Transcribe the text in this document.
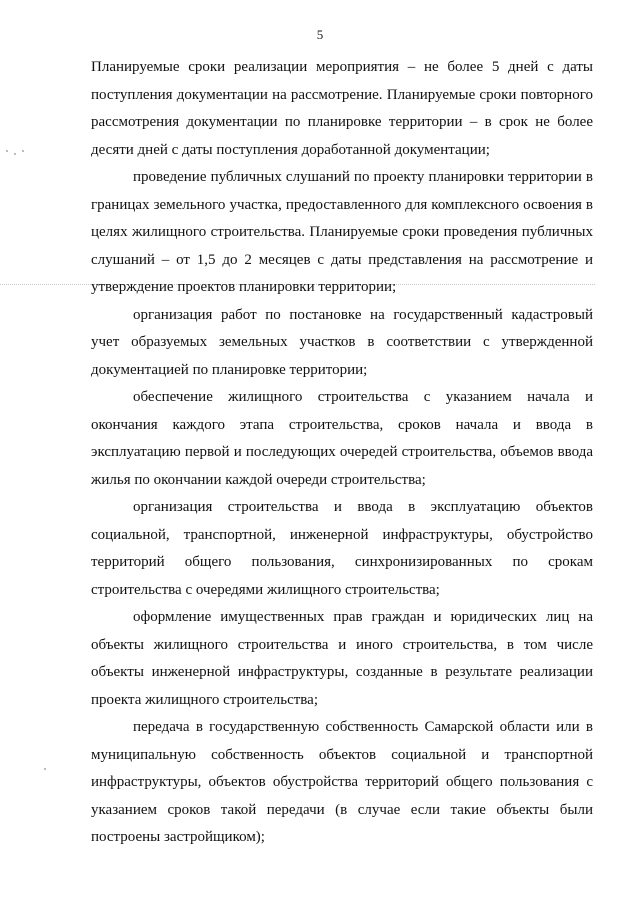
5

Планируемые сроки реализации мероприятия – не более 5 дней с даты поступления документации на рассмотрение. Планируемые сроки повторного рассмотрения документации по планировке территории – в срок не более десяти дней с даты поступления доработанной документации;

проведение публичных слушаний по проекту планировки территории в границах земельного участка, предоставленного для комплексного освоения в целях жилищного строительства. Планируемые сроки проведения публичных слушаний – от 1,5 до 2 месяцев с даты представления на рассмотрение и утверждение проектов планировки территории;

организация работ по постановке на государственный кадастровый учет образуемых земельных участков в соответствии с утвержденной документацией по планировке территории;

обеспечение жилищного строительства с указанием начала и окончания каждого этапа строительства, сроков начала и ввода в эксплуатацию первой и последующих очередей строительства, объемов ввода жилья по окончании каждой очереди строительства;

организация строительства и ввода в эксплуатацию объектов социальной, транспортной, инженерной инфраструктуры, обустройство территорий общего пользования, синхронизированных по срокам строительства с очередями жилищного строительства;

оформление имущественных прав граждан и юридических лиц на объекты жилищного строительства и иного строительства, в том числе объекты инженерной инфраструктуры, созданные в результате реализации проекта жилищного строительства;

передача в государственную собственность Самарской области или в муниципальную собственность объектов социальной и транспортной инфраструктуры, объектов обустройства территорий общего пользования с указанием сроков такой передачи (в случае если такие объекты были построены застройщиком);
